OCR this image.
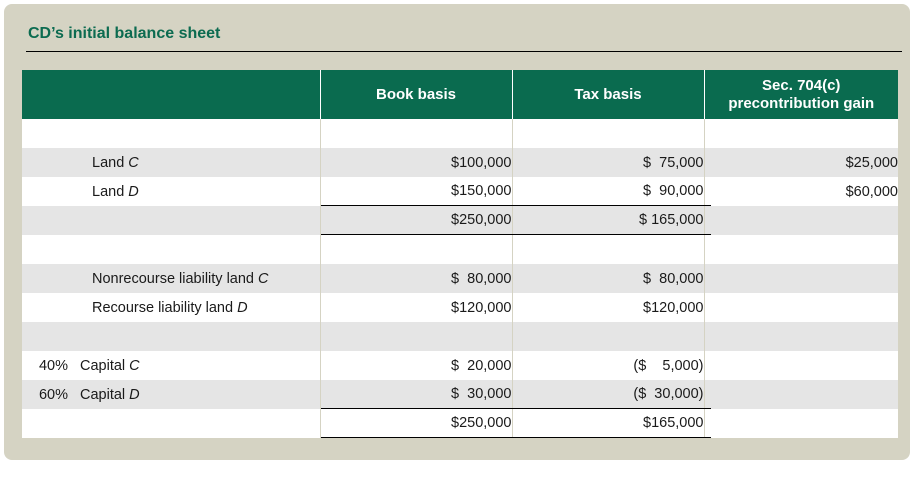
CD’s initial balance sheet
	Book basis	Tax basis	Sec. 704(c)
precontribution gain

Land C	$100,000	$  75,000	$25,000
Land D	$150,000	$  90,000	$60,000

	$250,000	$ 165,000	

Nonrecourse liability land C	$  80,000	$  80,000	
Recourse liability land D	$120,000	$120,000	

40% Capital C	$  20,000	($    5,000)	
60% Capital D	$  30,000	($  30,000)	

	$250,000	$165,000	
